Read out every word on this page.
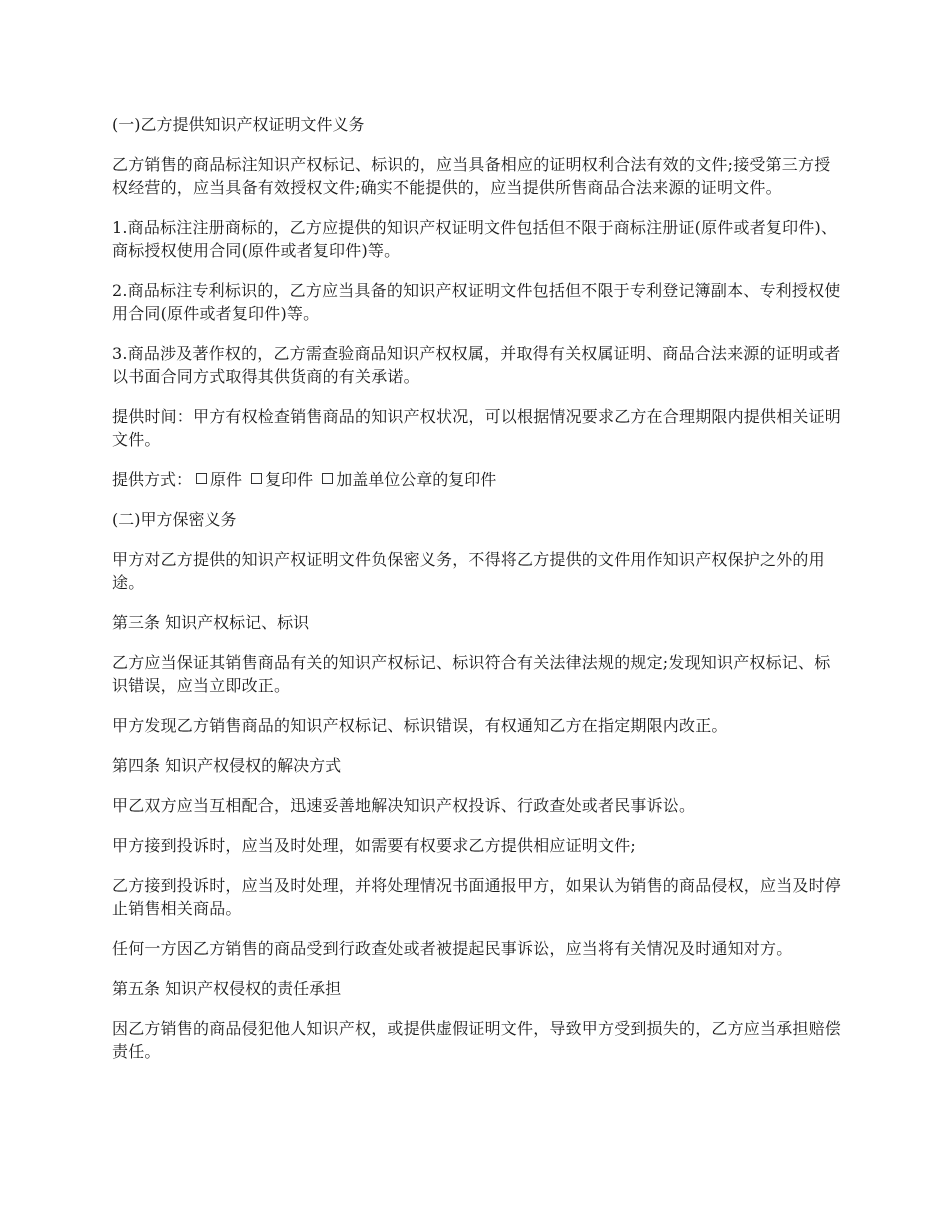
(一)乙方提供知识产权证明文件义务

乙方销售的商品标注知识产权标记、标识的，应当具备相应的证明权利合法有效的文件;接受第三方授权经营的，应当具备有效授权文件;确实不能提供的，应当提供所售商品合法来源的证明文件。

1.商品标注注册商标的，乙方应提供的知识产权证明文件包括但不限于商标注册证(原件或者复印件)、商标授权使用合同(原件或者复印件)等。

2.商品标注专利标识的，乙方应当具备的知识产权证明文件包括但不限于专利登记簿副本、专利授权使用合同(原件或者复印件)等。

3.商品涉及著作权的，乙方需查验商品知识产权权属，并取得有关权属证明、商品合法来源的证明或者以书面合同方式取得其供货商的有关承诺。

提供时间：甲方有权检查销售商品的知识产权状况，可以根据情况要求乙方在合理期限内提供相关证明文件。

提供方式： 原件 复印件 加盖单位公章的复印件

(二)甲方保密义务

甲方对乙方提供的知识产权证明文件负保密义务，不得将乙方提供的文件用作知识产权保护之外的用途。

第三条 知识产权标记、标识

乙方应当保证其销售商品有关的知识产权标记、标识符合有关法律法规的规定;发现知识产权标记、标识错误，应当立即改正。

甲方发现乙方销售商品的知识产权标记、标识错误，有权通知乙方在指定期限内改正。

第四条 知识产权侵权的解决方式

甲乙双方应当互相配合，迅速妥善地解决知识产权投诉、行政查处或者民事诉讼。

甲方接到投诉时，应当及时处理，如需要有权要求乙方提供相应证明文件;

乙方接到投诉时，应当及时处理，并将处理情况书面通报甲方，如果认为销售的商品侵权，应当及时停止销售相关商品。

任何一方因乙方销售的商品受到行政查处或者被提起民事诉讼，应当将有关情况及时通知对方。

第五条 知识产权侵权的责任承担

因乙方销售的商品侵犯他人知识产权，或提供虚假证明文件，导致甲方受到损失的，乙方应当承担赔偿责任。
